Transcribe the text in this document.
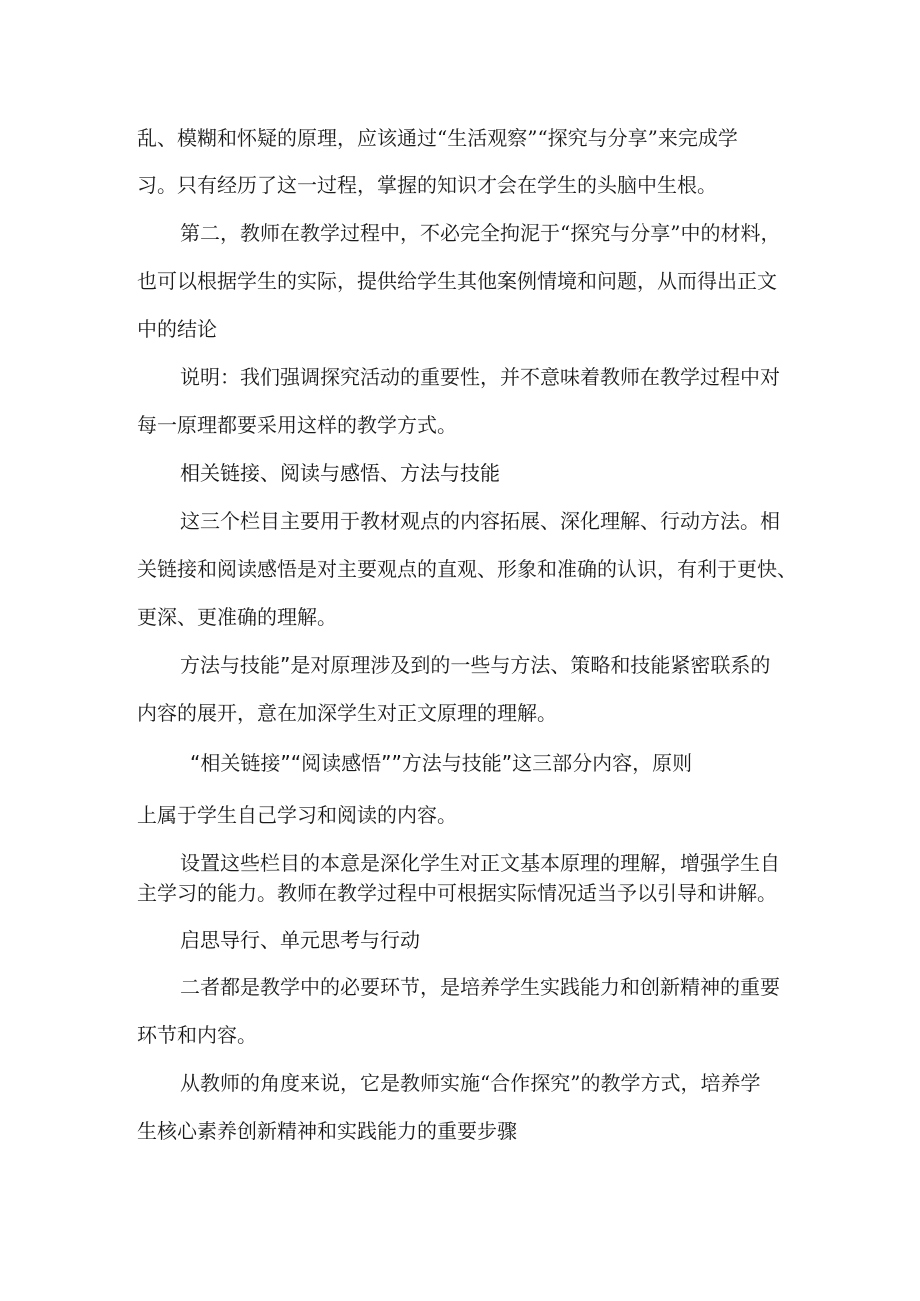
乱、模糊和怀疑的原理，应该通过“生活观察”“探究与分享”来完成学
习。只有经历了这一过程，掌握的知识才会在学生的头脑中生根。
第二，教师在教学过程中，不必完全拘泥于“探究与分享”中的材料，
也可以根据学生的实际，提供给学生其他案例情境和问题，从而得出正文
中的结论
说明：我们强调探究活动的重要性，并不意味着教师在教学过程中对
每一原理都要采用这样的教学方式。
相关链接、阅读与感悟、方法与技能
这三个栏目主要用于教材观点的内容拓展、深化理解、行动方法。相
关链接和阅读感悟是对主要观点的直观、形象和准确的认识，有利于更快、
更深、更准确的理解。
方法与技能”是对原理涉及到的一些与方法、策略和技能紧密联系的
内容的展开，意在加深学生对正文原理的理解。
“相关链接”“阅读感悟””方法与技能”这三部分内容，原则
上属于学生自己学习和阅读的内容。
设置这些栏目的本意是深化学生对正文基本原理的理解，增强学生自
主学习的能力。教师在教学过程中可根据实际情况适当予以引导和讲解。
启思导行、单元思考与行动
二者都是教学中的必要环节，是培养学生实践能力和创新精神的重要
环节和内容。
从教师的角度来说，它是教师实施“合作探究”的教学方式，培养学
生核心素养创新精神和实践能力的重要步骤
